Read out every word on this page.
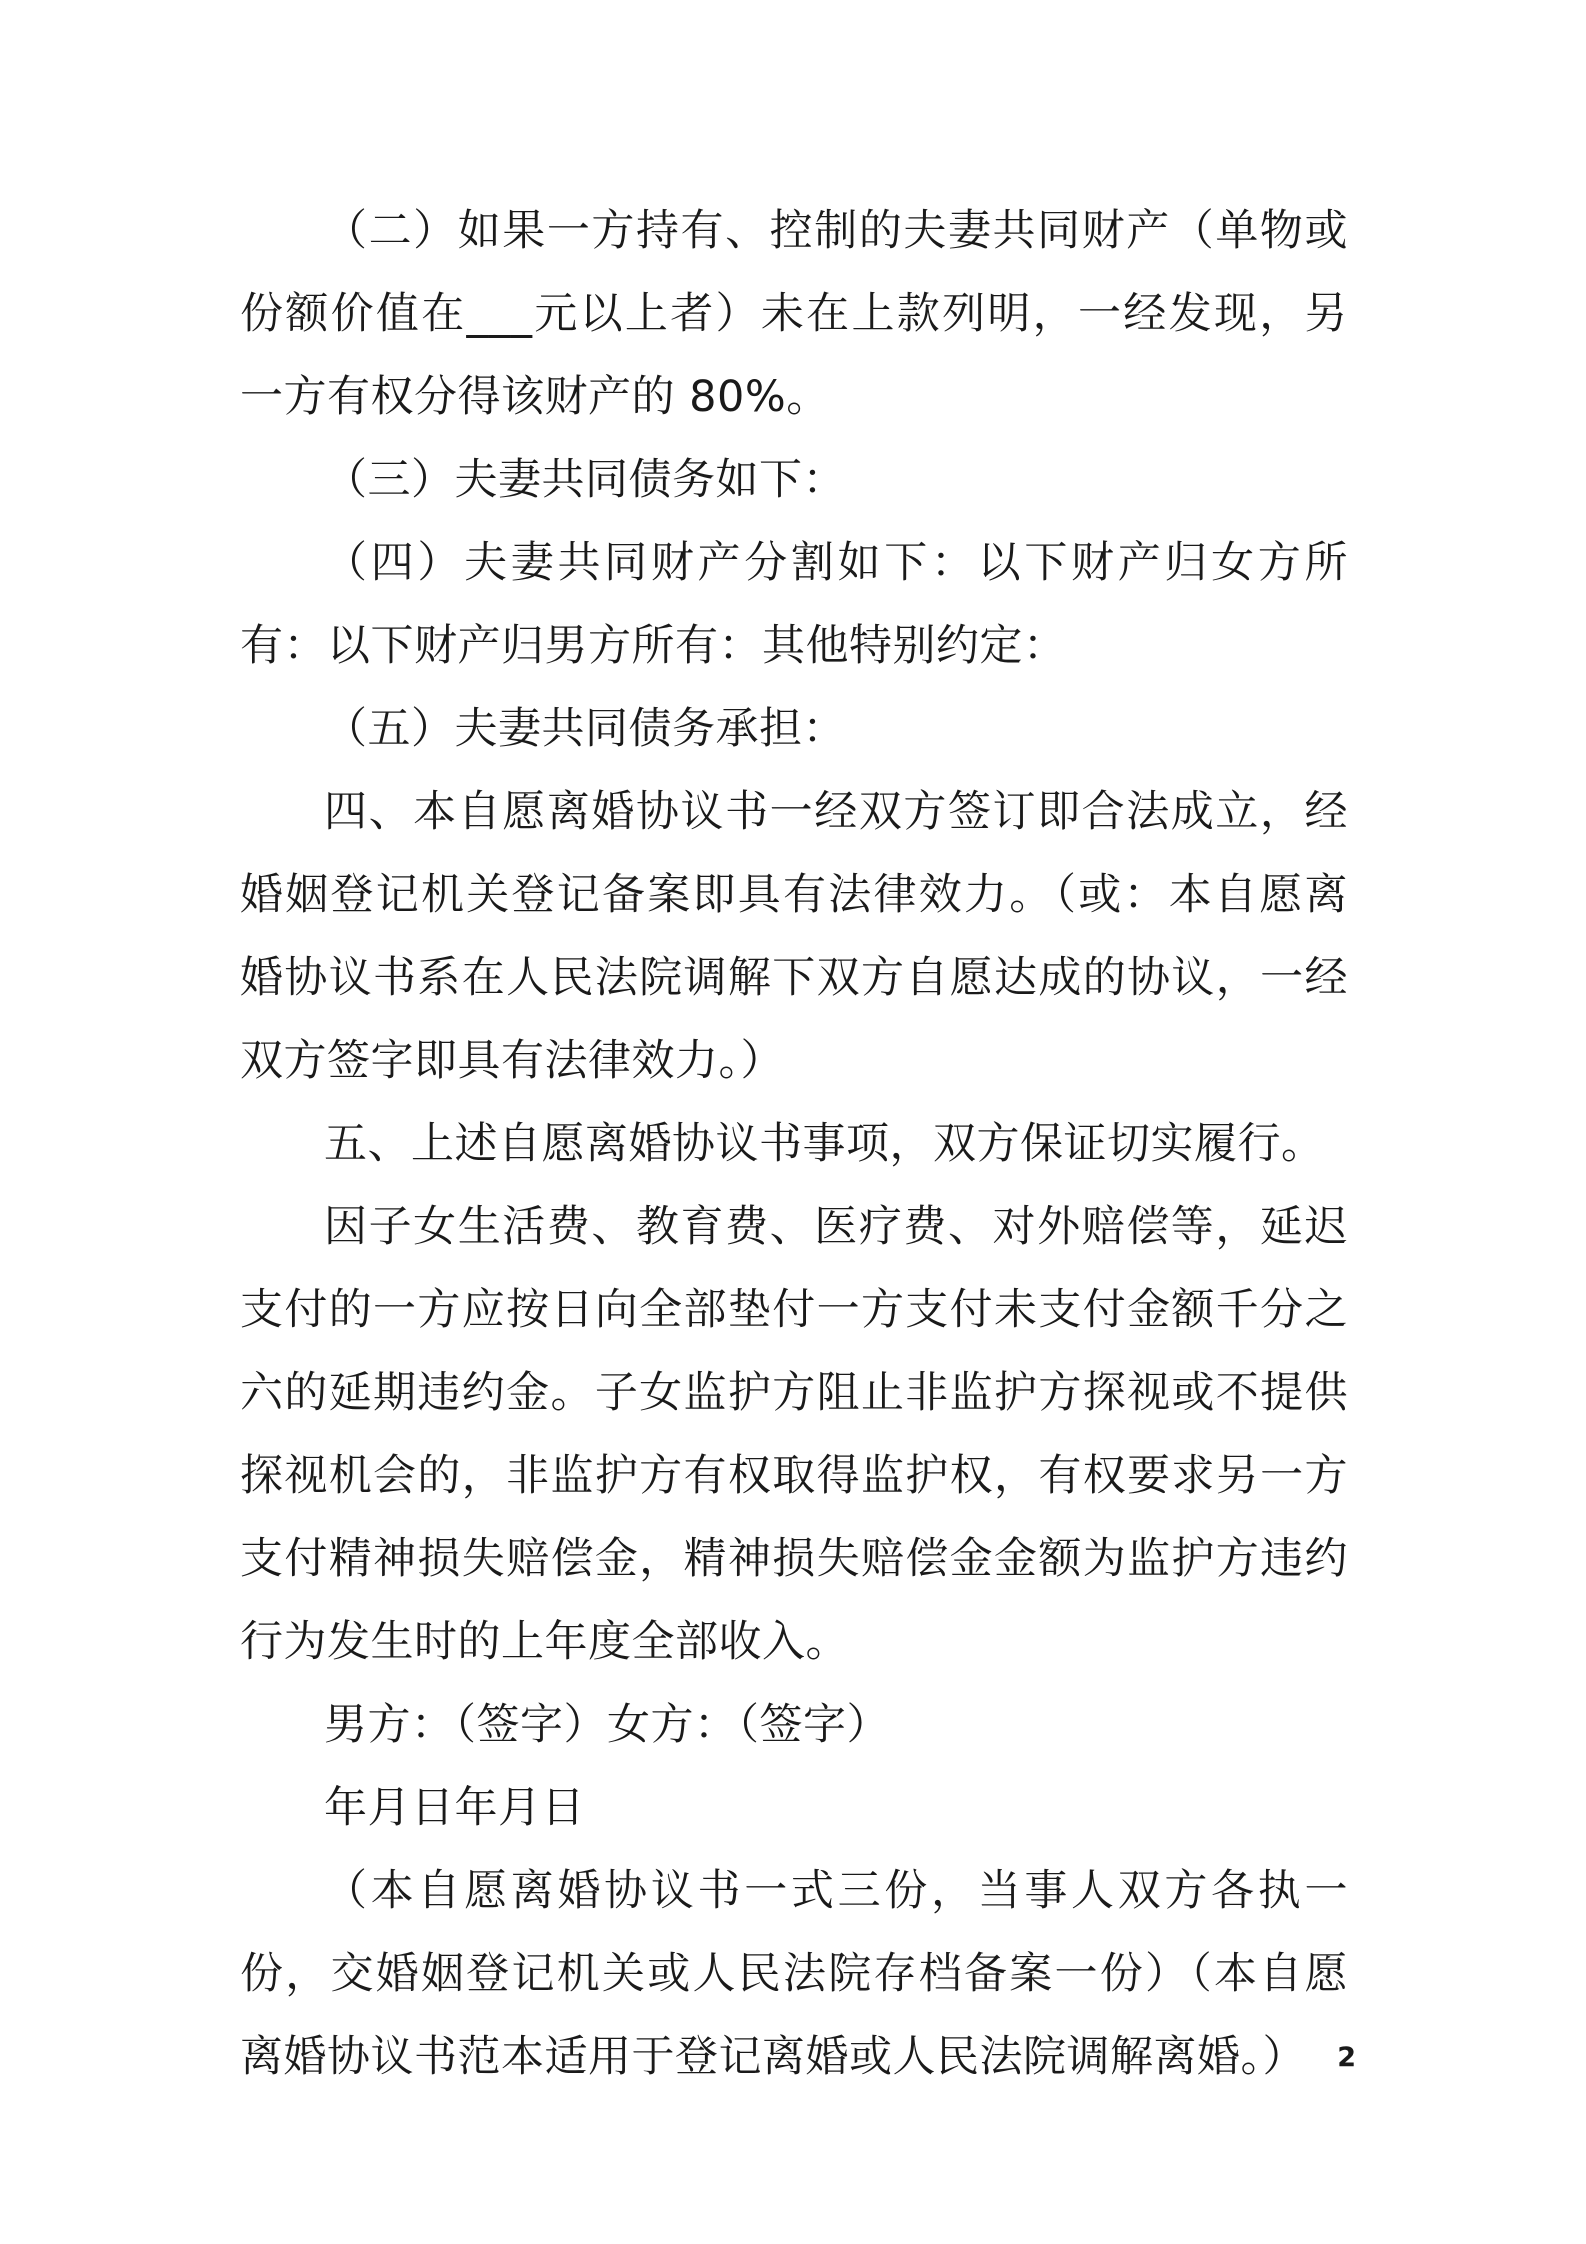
（二）如果一方持有、控制的夫妻共同财产（单物或份额价值在___元以上者）未在上款列明，一经发现，另一方有权分得该财产的 80%。

（三）夫妻共同债务如下：

（四）夫妻共同财产分割如下：以下财产归女方所有：以下财产归男方所有：其他特别约定：

（五）夫妻共同债务承担：

四、本自愿离婚协议书一经双方签订即合法成立，经婚姻登记机关登记备案即具有法律效力。（或：本自愿离婚协议书系在人民法院调解下双方自愿达成的协议，一经双方签字即具有法律效力。）

五、上述自愿离婚协议书事项，双方保证切实履行。

因子女生活费、教育费、医疗费、对外赔偿等，延迟支付的一方应按日向全部垫付一方支付未支付金额千分之六的延期违约金。子女监护方阻止非监护方探视或不提供探视机会的，非监护方有权取得监护权，有权要求另一方支付精神损失赔偿金，精神损失赔偿金金额为监护方违约行为发生时的上年度全部收入。

男方：（签字）女方：（签字）

年月日年月日

（本自愿离婚协议书一式三份，当事人双方各执一份，交婚姻登记机关或人民法院存档备案一份）（本自愿离婚协议书范本适用于登记离婚或人民法院调解离婚。）	2
